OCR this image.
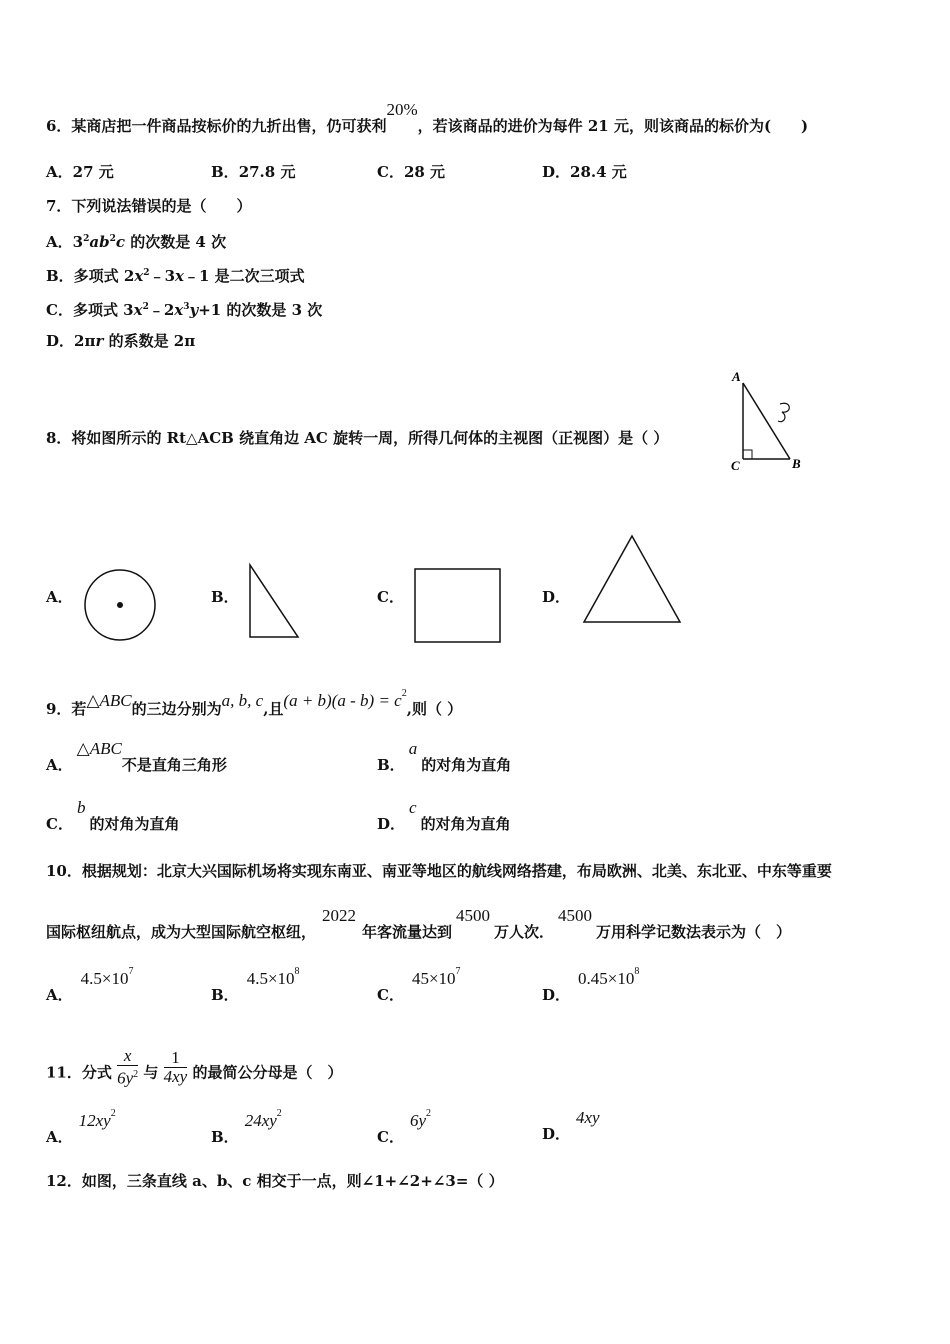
6．某商店把一件商品按标价的九折出售，仍可获利20%，若该商品的进价为每件 21 元，则该商品的标价为(　　)
A．27 元	B．27.8 元	C．28 元	D．28.4 元
7．下列说法错误的是（　　）
A．$3^2ab^2c$ 的次数是 4 次
B．多项式 $2x^2﹣3x﹣1$ 是二次三项式
C．多项式 $3x^2﹣2x^3y+1$ 的次数是 3 次
D．2πr 的系数是 2π
8．将如图所示的 Rt△ACB 绕直角边 AC 旋转一周，所得几何体的主视图（正视图）是（ ）
A
C	B
A．	B．	C．	D．
9．若△ABC的三边分别为a, b, c,且$(a + b)(a - b) = c^2$,则（ ）
A．△ABC不是直角三角形	B．a的对角为直角
C．b的对角为直角	D．c的对角为直角
10．根据规划：北京大兴国际机场将实现东南亚、南亚等地区的航线网络搭建，布局欧洲、北美、东北亚、中东等重要
国际枢纽航点，成为大型国际航空枢纽，2022年客流量达到4500万人次．4500万用科学记数法表示为（　）
A．$4.5\times 10^7$
B．$4.5\times 10^8$
C．$45\times 10^7$
D．$0.45\times 10^8$
11．分式 $\frac{x}{6y^2}$ 与 $\frac{1}{4xy}$ 的最简公分母是（　）
A．$12xy^2$
B．$24xy^2$
C．$6y^2$
D．4xy
12．如图，三条直线 a、b、c 相交于一点，则∠1+∠2+∠3=（ ）
